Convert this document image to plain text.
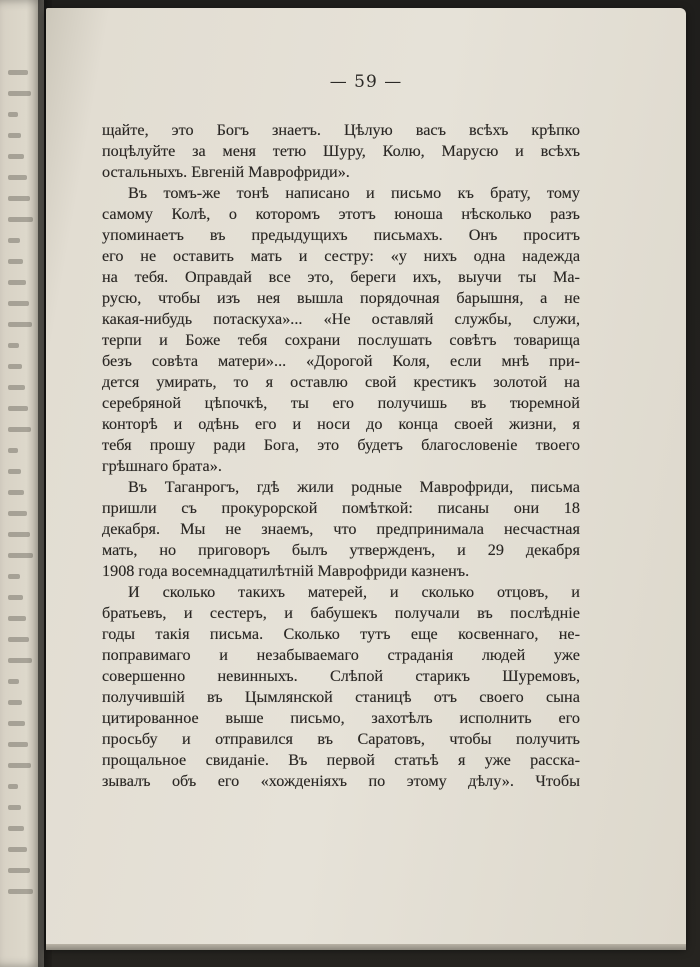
— 59 —
щайте, это Богъ знаетъ. Цѣлую васъ всѣхъ крѣпко
поцѣлуйте за меня тетю Шуру, Колю, Марусю и всѣхъ
остальныхъ. Евгеній Маврофриди».
Въ томъ-же тонѣ написано и письмо къ брату, тому
самому Колѣ, о которомъ этотъ юноша нѣсколько разъ
упоминаетъ въ предыдущихъ письмахъ. Онъ проситъ
его не оставить мать и сестру: «у нихъ одна надежда
на тебя. Оправдай все это, береги ихъ, выучи ты Ма-
русю, чтобы изъ нея вышла порядочная барышня, а не
какая-нибудь потаскуха»... «Не оставляй службы, служи,
терпи и Боже тебя сохрани послушать совѣтъ товарища
безъ совѣта матери»... «Дорогой Коля, если мнѣ при-
дется умирать, то я оставлю свой крестикъ золотой на
серебряной цѣпочкѣ, ты его получишь въ тюремной
конторѣ и одѣнь его и носи до конца своей жизни, я
тебя прошу ради Бога, это будетъ благословеніе твоего
грѣшнаго брата».
Въ Таганрогъ, гдѣ жили родные Маврофриди, письма
пришли съ прокурорской помѣткой: писаны они 18
декабря. Мы не знаемъ, что предпринимала несчастная
мать, но приговоръ былъ утвержденъ, и 29 декабря
1908 года восемнадцатилѣтній Маврофриди казненъ.
И сколько такихъ матерей, и сколько отцовъ, и
братьевъ, и сестеръ, и бабушекъ получали въ послѣдніе
годы такія письма. Сколько тутъ еще косвеннаго, не-
поправимаго и незабываемаго страданія людей уже
совершенно невинныхъ. Слѣпой старикъ Шуремовъ,
получившій въ Цымлянской станицѣ отъ своего сына
цитированное выше письмо, захотѣлъ исполнить его
просьбу и отправился въ Саратовъ, чтобы получить
прощальное свиданіе. Въ первой статьѣ я уже расска-
зывалъ объ его «хожденіяхъ по этому дѣлу». Чтобы
